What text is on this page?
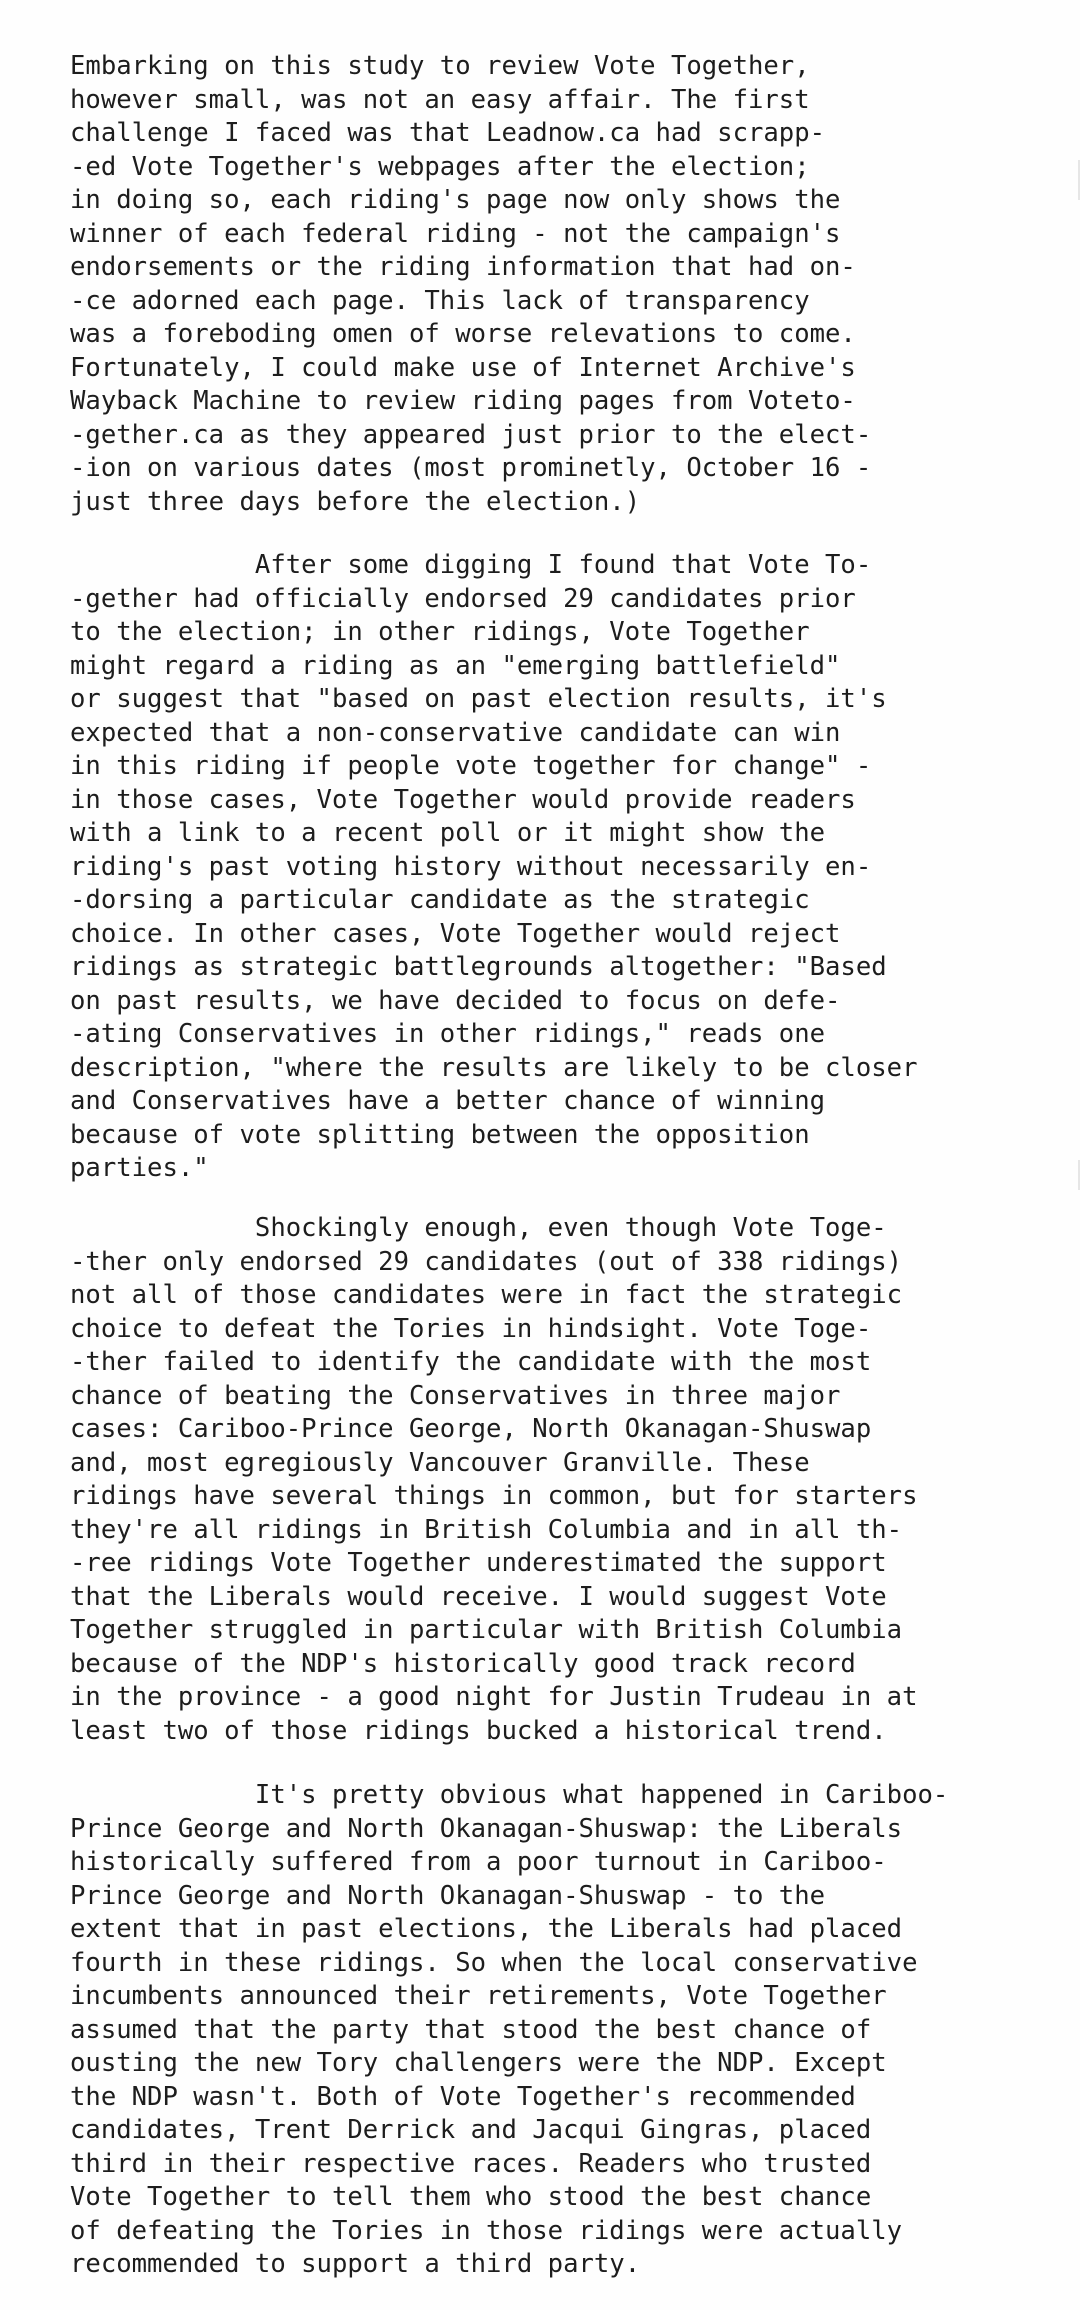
Embarking on this study to review Vote Together,
however small, was not an easy affair. The first
challenge I faced was that Leadnow.ca had scrapp-
-ed Vote Together's webpages after the election;
in doing so, each riding's page now only shows the
winner of each federal riding - not the campaign's
endorsements or the riding information that had on-
-ce adorned each page. This lack of transparency
was a foreboding omen of worse relevations to come.
Fortunately, I could make use of Internet Archive's
Wayback Machine to review riding pages from Voteto-
-gether.ca as they appeared just prior to the elect-
-ion on various dates (most prominetly, October 16 -
just three days before the election.)
After some digging I found that Vote To-
-gether had officially endorsed 29 candidates prior
to the election; in other ridings, Vote Together
might regard a riding as an "emerging battlefield"
or suggest that "based on past election results, it's
expected that a non-conservative candidate can win
in this riding if people vote together for change" -
in those cases, Vote Together would provide readers
with a link to a recent poll or it might show the
riding's past voting history without necessarily en-
-dorsing a particular candidate as the strategic
choice. In other cases, Vote Together would reject
ridings as strategic battlegrounds altogether: "Based
on past results, we have decided to focus on defe-
-ating Conservatives in other ridings," reads one
description, "where the results are likely to be closer
and Conservatives have a better chance of winning
because of vote splitting between the opposition
parties."
Shockingly enough, even though Vote Toge-
-ther only endorsed 29 candidates (out of 338 ridings)
not all of those candidates were in fact the strategic
choice to defeat the Tories in hindsight. Vote Toge-
-ther failed to identify the candidate with the most
chance of beating the Conservatives in three major
cases: Cariboo-Prince George, North Okanagan-Shuswap
and, most egregiously Vancouver Granville. These
ridings have several things in common, but for starters
they're all ridings in British Columbia and in all th-
-ree ridings Vote Together underestimated the support
that the Liberals would receive. I would suggest Vote
Together struggled in particular with British Columbia
because of the NDP's historically good track record
in the province - a good night for Justin Trudeau in at
least two of those ridings bucked a historical trend.
It's pretty obvious what happened in Cariboo-
Prince George and North Okanagan-Shuswap: the Liberals
historically suffered from a poor turnout in Cariboo-
Prince George and North Okanagan-Shuswap - to the
extent that in past elections, the Liberals had placed
fourth in these ridings. So when the local conservative
incumbents announced their retirements, Vote Together
assumed that the party that stood the best chance of
ousting the new Tory challengers were the NDP. Except
the NDP wasn't. Both of Vote Together's recommended
candidates, Trent Derrick and Jacqui Gingras, placed
third in their respective races. Readers who trusted
Vote Together to tell them who stood the best chance
of defeating the Tories in those ridings were actually
recommended to support a third party.
